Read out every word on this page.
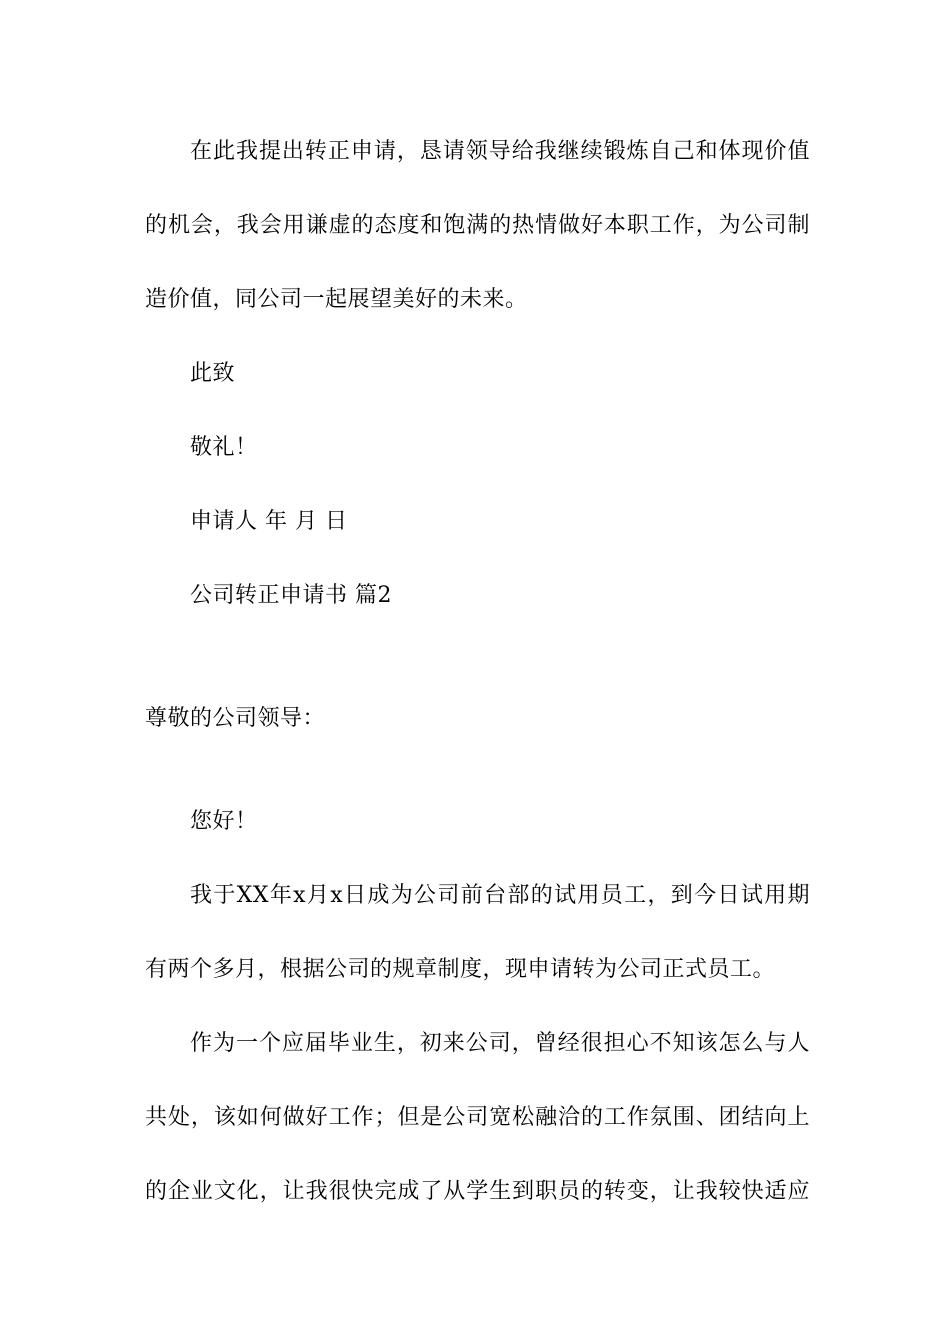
在此我提出转正申请，恳请领导给我继续锻炼自己和体现价值
的机会，我会用谦虚的态度和饱满的热情做好本职工作，为公司制
造价值，同公司一起展望美好的未来。
此致
敬礼！
申请人 年 月 日
公司转正申请书 篇2
尊敬的公司领导：
您好！
我于XX年x月x日成为公司前台部的试用员工，到今日试用期
有两个多月，根据公司的规章制度，现申请转为公司正式员工。
作为一个应届毕业生，初来公司，曾经很担心不知该怎么与人
共处，该如何做好工作；但是公司宽松融洽的工作氛围、团结向上
的企业文化，让我很快完成了从学生到职员的转变，让我较快适应
